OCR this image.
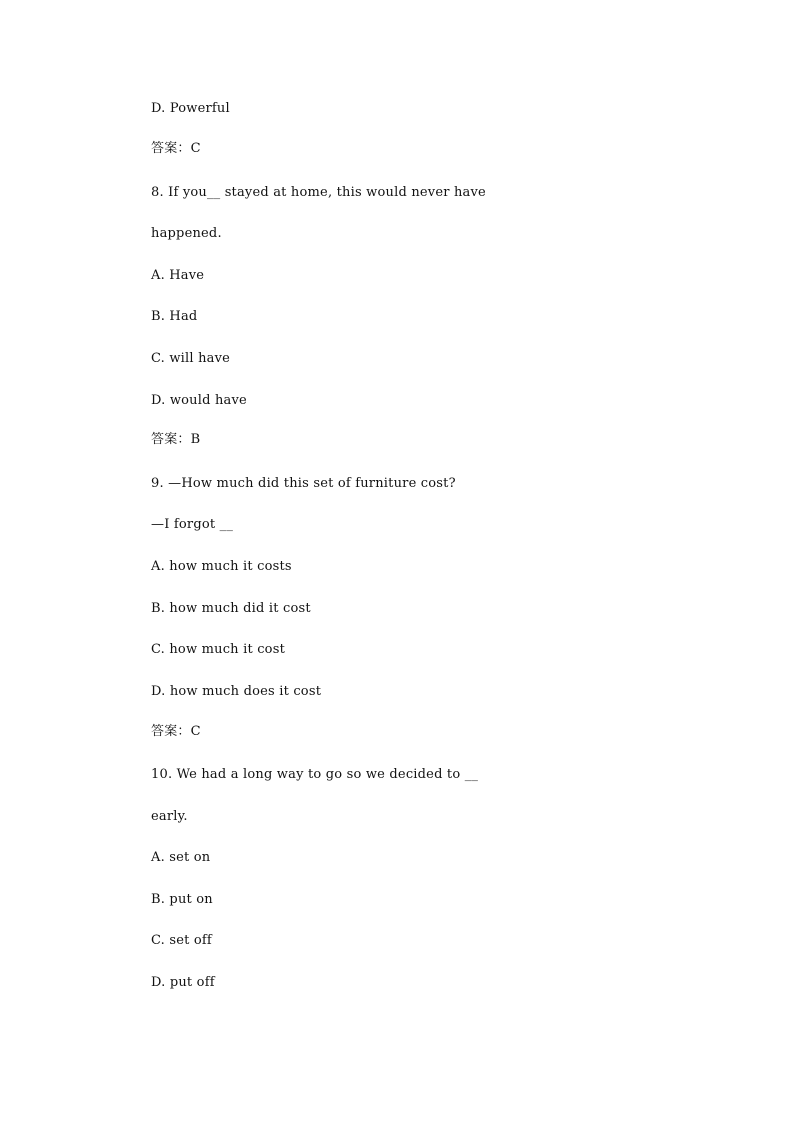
D. Powerful
答案：C
8. If you__ stayed at home, this would never have
happened.
A. Have
B. Had
C. will have
D. would have
答案：B
9. —How much did this set of furniture cost?
—I forgot __
A. how much it costs
B. how much did it cost
C. how much it cost
D. how much does it cost
答案：C
10. We had a long way to go so we decided to __
early.
A. set on
B. put on
C. set off
D. put off
